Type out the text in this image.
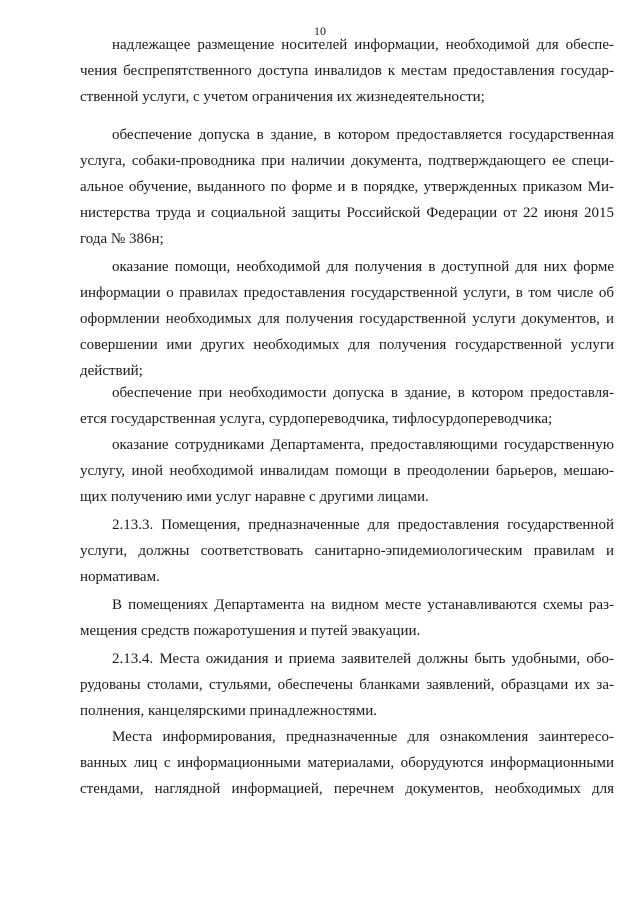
10
надлежащее размещение носителей информации, необходимой для обеспе-
чения беспрепятственного доступа инвалидов к местам предоставления государ-
ственной услуги, с учетом ограничения их жизнедеятельности;
обеспечение допуска в здание, в котором предоставляется государственная
услуга, собаки-проводника при наличии документа, подтверждающего ее специ-
альное обучение, выданного по форме и в порядке, утвержденных приказом Ми-
нистерства труда и социальной защиты Российской Федерации от 22 июня 2015
года № 386н;
оказание помощи, необходимой для получения в доступной для них форме
информации о правилах предоставления государственной услуги, в том числе об
оформлении необходимых для получения государственной услуги документов, и
совершении ими других необходимых для получения государственной услуги
действий;
обеспечение при необходимости допуска в здание, в котором предоставля-
ется государственная услуга, сурдопереводчика, тифлосурдопереводчика;
оказание сотрудниками Департамента, предоставляющими государственную
услугу, иной необходимой инвалидам помощи в преодолении барьеров, мешаю-
щих получению ими услуг наравне с другими лицами.
2.13.3. Помещения, предназначенные для предоставления государственной
услуги, должны соответствовать санитарно-эпидемиологическим правилам и
нормативам.
В помещениях Департамента на видном месте устанавливаются схемы раз-
мещения средств пожаротушения и путей эвакуации.
2.13.4. Места ожидания и приема заявителей должны быть удобными, обо-
рудованы столами, стульями, обеспечены бланками заявлений, образцами их за-
полнения, канцелярскими принадлежностями.
Места информирования, предназначенные для ознакомления заинтересо-
ванных лиц с информационными материалами, оборудуются информационными
стендами, наглядной информацией, перечнем документов, необходимых для
